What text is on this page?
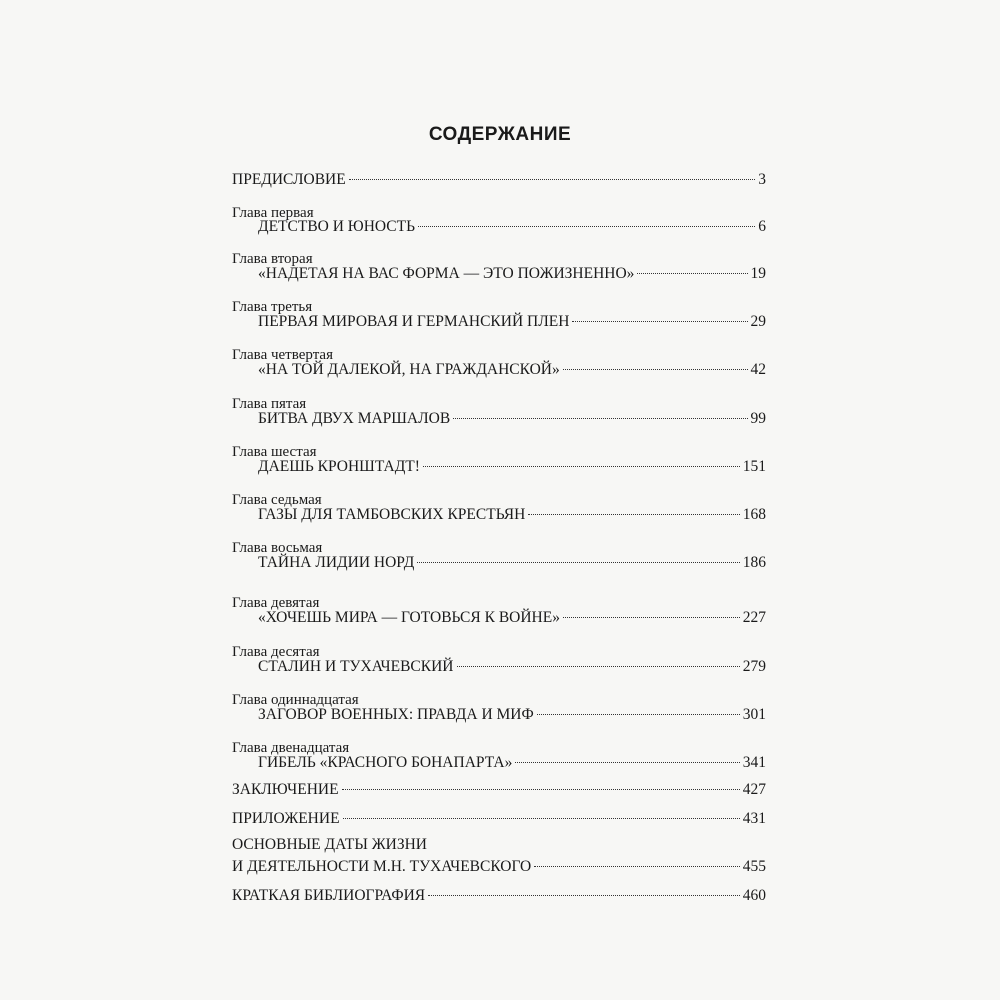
СОДЕРЖАНИЕ
ПРЕДИСЛОВИЕ	3
Глава первая
ДЕТСТВО И ЮНОСТЬ	6
Глава вторая
«НАДЕТАЯ НА ВАС ФОРМА — ЭТО ПОЖИЗНЕННО»	19
Глава третья
ПЕРВАЯ МИРОВАЯ И ГЕРМАНСКИЙ ПЛЕН	29
Глава четвертая
«НА ТОЙ ДАЛЕКОЙ, НА ГРАЖДАНСКОЙ»	42
Глава пятая
БИТВА ДВУХ МАРШАЛОВ	99
Глава шестая
ДАЕШЬ КРОНШТАДТ!	151
Глава седьмая
ГАЗЫ ДЛЯ ТАМБОВСКИХ КРЕСТЬЯН	168
Глава восьмая
ТАЙНА ЛИДИИ НОРД	186
Глава девятая
«ХОЧЕШЬ МИРА — ГОТОВЬСЯ К ВОЙНЕ»	227
Глава десятая
СТАЛИН И ТУХАЧЕВСКИЙ	279
Глава одиннадцатая
ЗАГОВОР ВОЕННЫХ: ПРАВДА И МИФ	301
Глава двенадцатая
ГИБЕЛЬ «КРАСНОГО БОНАПАРТА»	341
ЗАКЛЮЧЕНИЕ	427
ПРИЛОЖЕНИЕ	431
ОСНОВНЫЕ ДАТЫ ЖИЗНИ
И ДЕЯТЕЛЬНОСТИ М.Н. ТУХАЧЕВСКОГО	455
КРАТКАЯ БИБЛИОГРАФИЯ	460
